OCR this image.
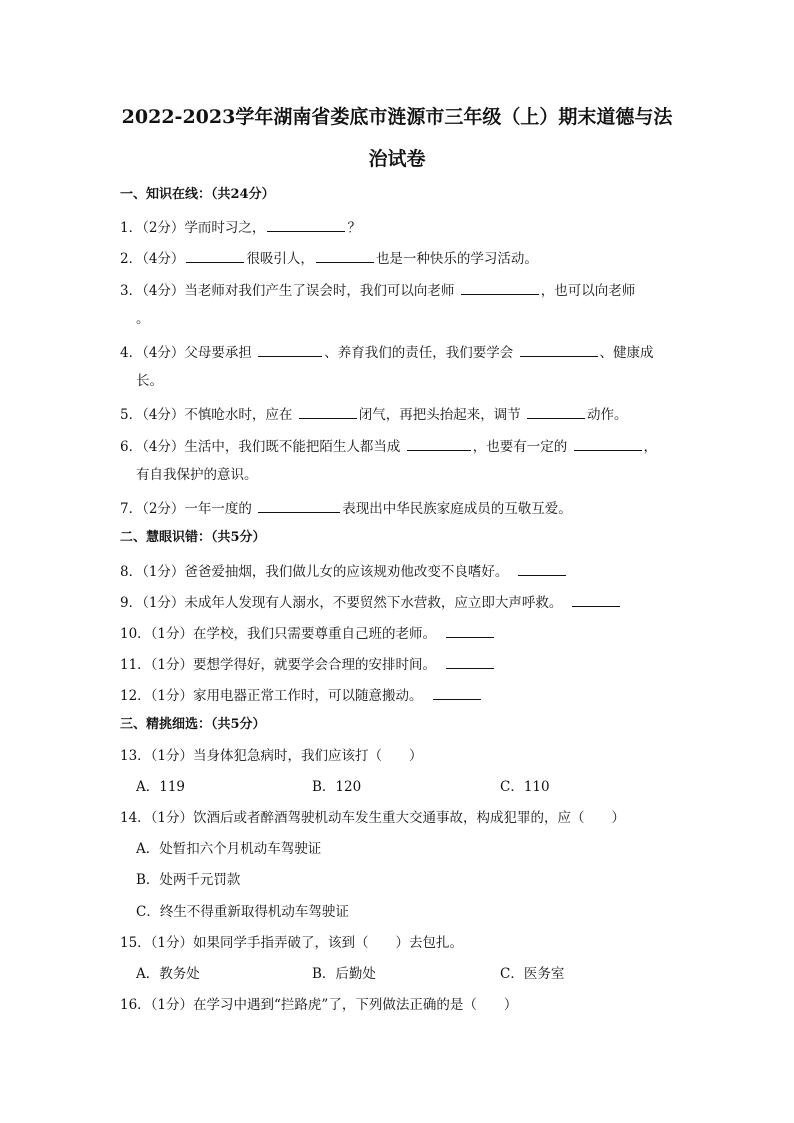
2022-2023学年湖南省娄底市涟源市三年级（上）期末道德与法
治试卷
一、知识在线：（共24分）
1．（2分）学而时习之，	？
2．（4分）	很吸引人，	也是一种快乐的学习活动。
3．（4分）当老师对我们产生了误会时，我们可以向老师	，也可以向老师
。
4．（4分）父母要承担	、养育我们的责任，我们要学会	、健康成
长。
5．（4分）不慎呛水时，应在	闭气，再把头抬起来，调节	动作。
6．（4分）生活中，我们既不能把陌生人都当成	，也要有一定的	，
有自我保护的意识。
7．（2分）一年一度的	表现出中华民族家庭成员的互敬互爱。
二、慧眼识错：（共5分）
8．（1分）爸爸爱抽烟，我们做儿女的应该规劝他改变不良嗜好。
9．（1分）未成年人发现有人溺水，不要贸然下水营救，应立即大声呼救。
10．（1分）在学校，我们只需要尊重自己班的老师。
11．（1分）要想学得好，就要学会合理的安排时间。
12．（1分）家用电器正常工作时，可以随意搬动。
三、精挑细选：（共5分）
13．（1分）当身体犯急病时，我们应该打（　　）
A．119	B．120	C．110
14．（1分）饮酒后或者醉酒驾驶机动车发生重大交通事故，构成犯罪的，应（　　）
A．处暂扣六个月机动车驾驶证
B．处两千元罚款
C．终生不得重新取得机动车驾驶证
15．（1分）如果同学手指弄破了，该到（　　）去包扎。
A．教务处	B．后勤处	C．医务室
16．（1分）在学习中遇到“拦路虎”了，下列做法正确的是（　　）
